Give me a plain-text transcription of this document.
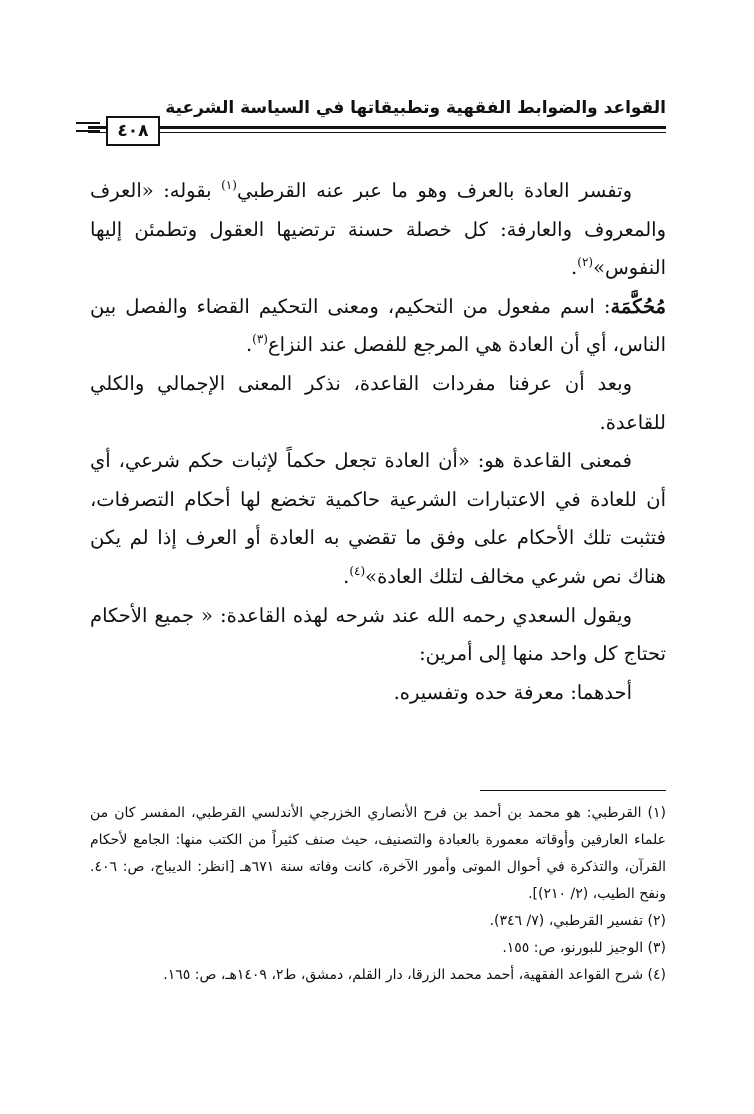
القواعد والضوابط الفقهية وتطبيقاتها في السياسة الشرعية
٤٠٨

وتفسر العادة بالعرف وهو ما عبر عنه القرطبي$^{(١)}$ بقوله: «العرف والمعروف والعارفة: كل خصلة حسنة ترتضيها العقول وتطمئن إليها النفوس»$^{(٢)}$.

مُحُكَّمَة: اسم مفعول من التحكيم، ومعنى التحكيم القضاء والفصل بين الناس، أي أن العادة هي المرجع للفصل عند النزاع$^{(٣)}$.

وبعد أن عرفنا مفردات القاعدة، نذكر المعنى الإجمالي والكلي للقاعدة.

فمعنى القاعدة هو: «أن العادة تجعل حكماً لإثبات حكم شرعي، أي أن للعادة في الاعتبارات الشرعية حاكمية تخضع لها أحكام التصرفات، فتثبت تلك الأحكام على وفق ما تقضي به العادة أو العرف إذا لم يكن هناك نص شرعي مخالف لتلك العادة»$^{(٤)}$.

ويقول السعدي رحمه الله عند شرحه لهذه القاعدة: « جميع الأحكام تحتاج كل واحد منها إلى أمرين:

أحدهما: معرفة حده وتفسيره.

(١) القرطبي: هو محمد بن أحمد بن فرح الأنصاري الخزرجي الأندلسي القرطبي، المفسر كان من علماء العارفين وأوقاته معمورة بالعبادة والتصنيف، حيث صنف كثيراً من الكتب منها: الجامع لأحكام القرآن، والتذكرة في أحوال الموتى وأمور الآخرة، كانت وفاته سنة ٦٧١هـ [انظر: الديباج، ص: ٤٠٦. ونفح الطيب، (٢/ ٢١٠)].

(٢) تفسير القرطبي، (٧/ ٣٤٦).

(٣) الوجيز للبورنو، ص: ١٥٥.

(٤) شرح القواعد الفقهية، أحمد محمد الزرقا، دار القلم، دمشق، ط٢، ١٤٠٩هـ، ص: ١٦٥.
